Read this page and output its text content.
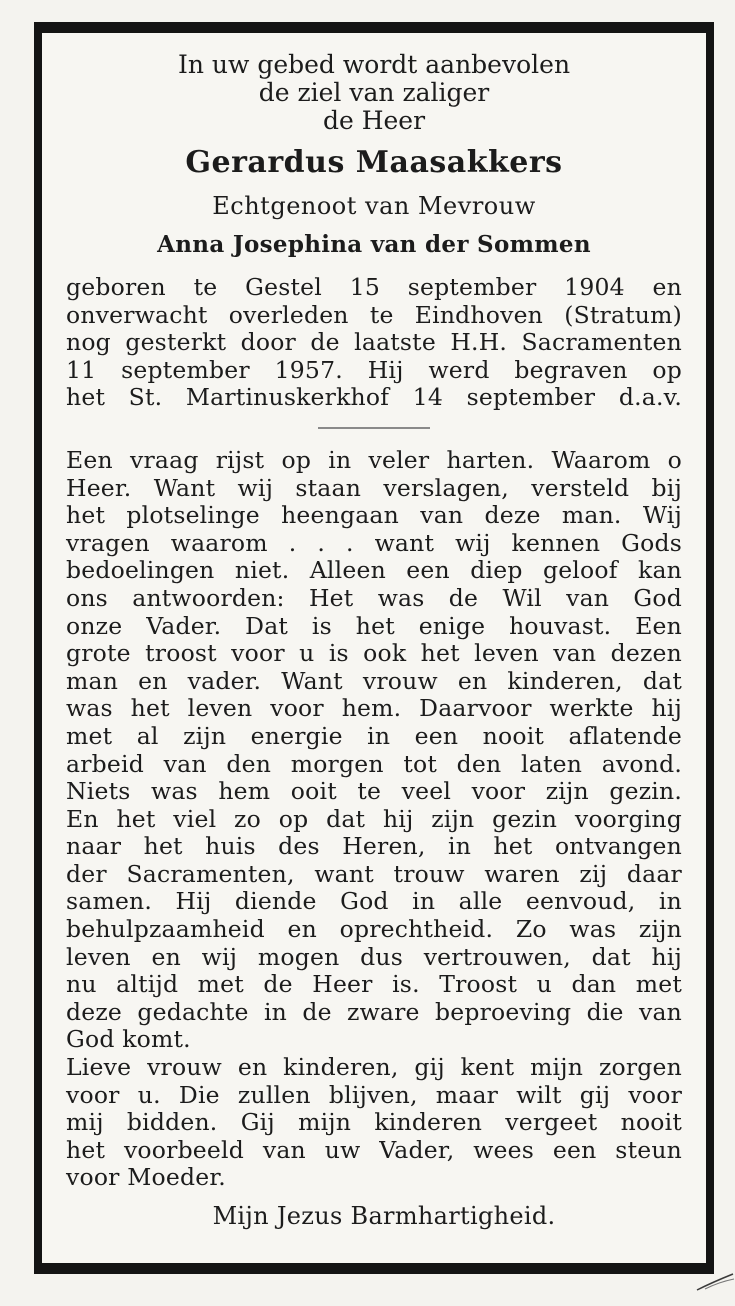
In uw gebed wordt aanbevolen
de ziel van zaliger
de Heer
Gerardus Maasakkers
Echtgenoot van Mevrouw
Anna Josephina van der Sommen
geboren te Gestel 15 september 1904 en
onverwacht overleden te Eindhoven (Stratum)
nog gesterkt door de laatste H.H. Sacramenten
11 september 1957. Hij werd begraven op
het St. Martinuskerkhof 14 september d.a.v.
Een vraag rijst op in veler harten. Waarom o
Heer. Want wij staan verslagen, versteld bij
het plotselinge heengaan van deze man. Wij
vragen waarom . . . want wij kennen Gods
bedoelingen niet. Alleen een diep geloof kan
ons antwoorden: Het was de Wil van God
onze Vader. Dat is het enige houvast. Een
grote troost voor u is ook het leven van dezen
man en vader. Want vrouw en kinderen, dat
was het leven voor hem. Daarvoor werkte hij
met al zijn energie in een nooit aflatende
arbeid van den morgen tot den laten avond.
Niets was hem ooit te veel voor zijn gezin.
En het viel zo op dat hij zijn gezin voorging
naar het huis des Heren, in het ontvangen
der Sacramenten, want trouw waren zij daar
samen. Hij diende God in alle eenvoud, in
behulpzaamheid en oprechtheid. Zo was zijn
leven en wij mogen dus vertrouwen, dat hij
nu altijd met de Heer is. Troost u dan met
deze gedachte in de zware beproeving die van
God komt.
Lieve vrouw en kinderen, gij kent mijn zorgen
voor u. Die zullen blijven, maar wilt gij voor
mij bidden. Gij mijn kinderen vergeet nooit
het voorbeeld van uw Vader, wees een steun
voor Moeder.
Mijn Jezus Barmhartigheid.
